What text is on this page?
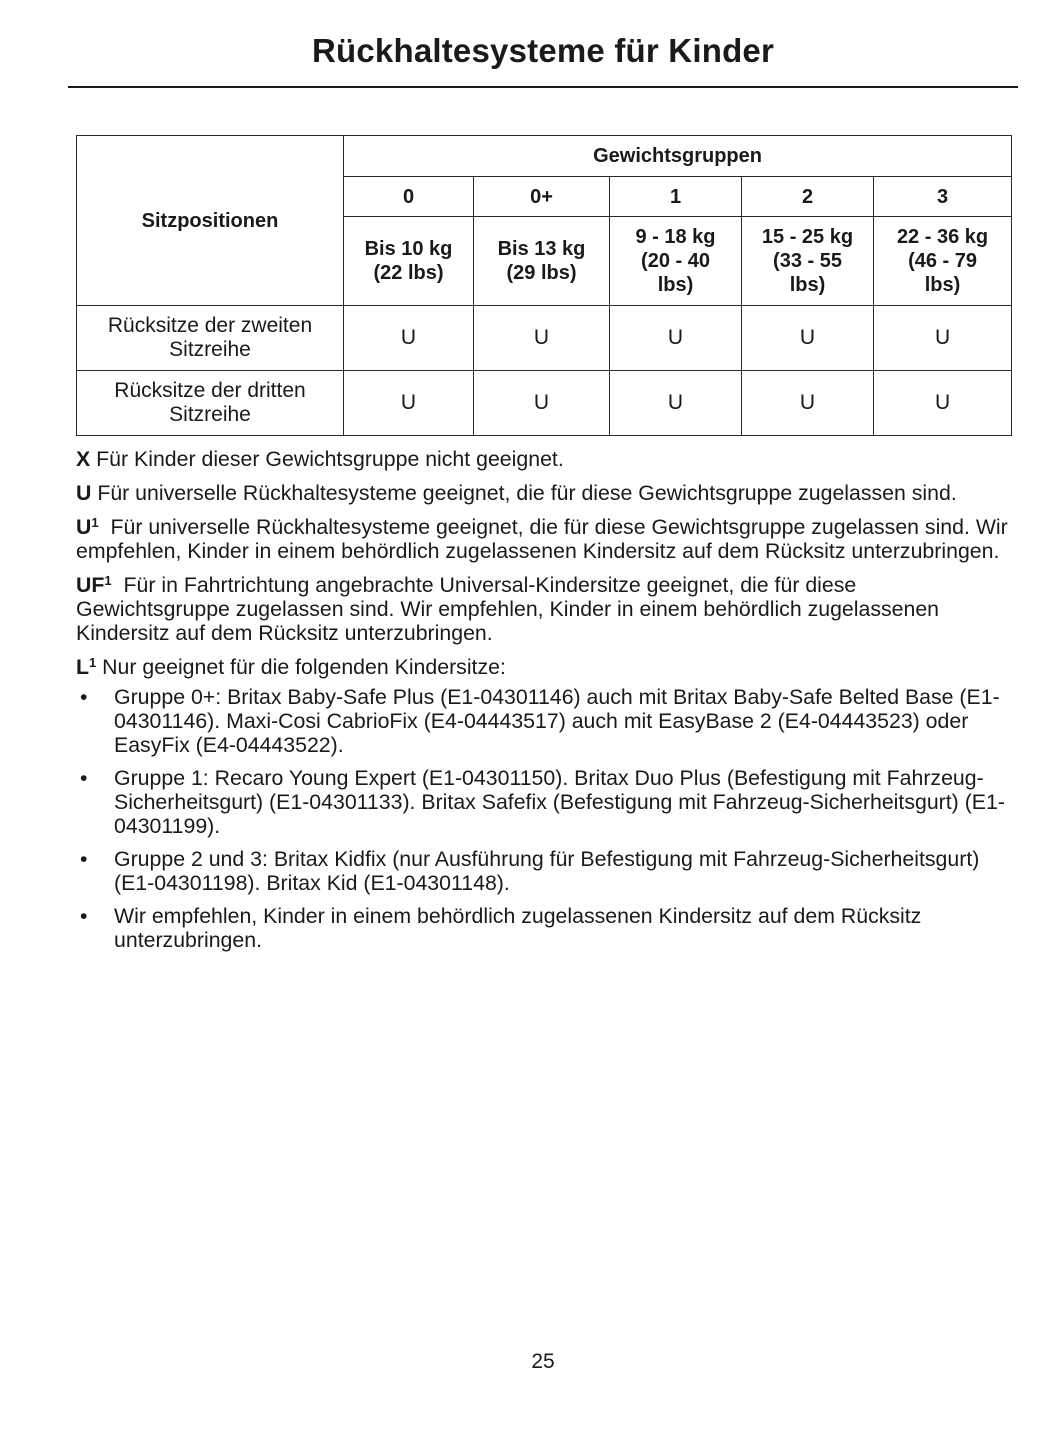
Rückhaltesysteme für Kinder
Sitzpositionen	Gewichtsgruppen				
	0	0+	1	2	3
	Bis 10 kg (22 lbs)	Bis 13 kg (29 lbs)	9 - 18 kg (20 - 40 lbs)	15 - 25 kg (33 - 55 lbs)	22 - 36 kg (46 - 79 lbs)
Rücksitze der zweiten Sitzreihe	U	U	U	U	U
Rücksitze der dritten Sitzreihe	U	U	U	U	U

X Für Kinder dieser Gewichtsgruppe nicht geeignet.

U Für universelle Rückhaltesysteme geeignet, die für diese Gewichtsgruppe zugelassen sind.

$U^1$ Für universelle Rückhaltesysteme geeignet, die für diese Gewichtsgruppe zugelassen sind. Wir empfehlen, Kinder in einem behördlich zugelassenen Kindersitz auf dem Rücksitz unterzubringen.

$UF^1$ Für in Fahrtrichtung angebrachte Universal-Kindersitze geeignet, die für diese Gewichtsgruppe zugelassen sind. Wir empfehlen, Kinder in einem behördlich zugelassenen Kindersitz auf dem Rücksitz unterzubringen.

$L^1$ Nur geeignet für die folgenden Kindersitze:

• Gruppe 0+: Britax Baby-Safe Plus (E1-04301146) auch mit Britax Baby-Safe Belted Base (E1-04301146). Maxi-Cosi CabrioFix (E4-04443517) auch mit EasyBase 2 (E4-04443523) oder EasyFix (E4-04443522).
• Gruppe 1: Recaro Young Expert (E1-04301150). Britax Duo Plus (Befestigung mit Fahrzeug-Sicherheitsgurt) (E1-04301133). Britax Safefix (Befestigung mit Fahrzeug-Sicherheitsgurt) (E1-04301199).
• Gruppe 2 und 3: Britax Kidfix (nur Ausführung für Befestigung mit Fahrzeug-Sicherheitsgurt) (E1-04301198). Britax Kid (E1-04301148).
• Wir empfehlen, Kinder in einem behördlich zugelassenen Kindersitz auf dem Rücksitz unterzubringen.
25
